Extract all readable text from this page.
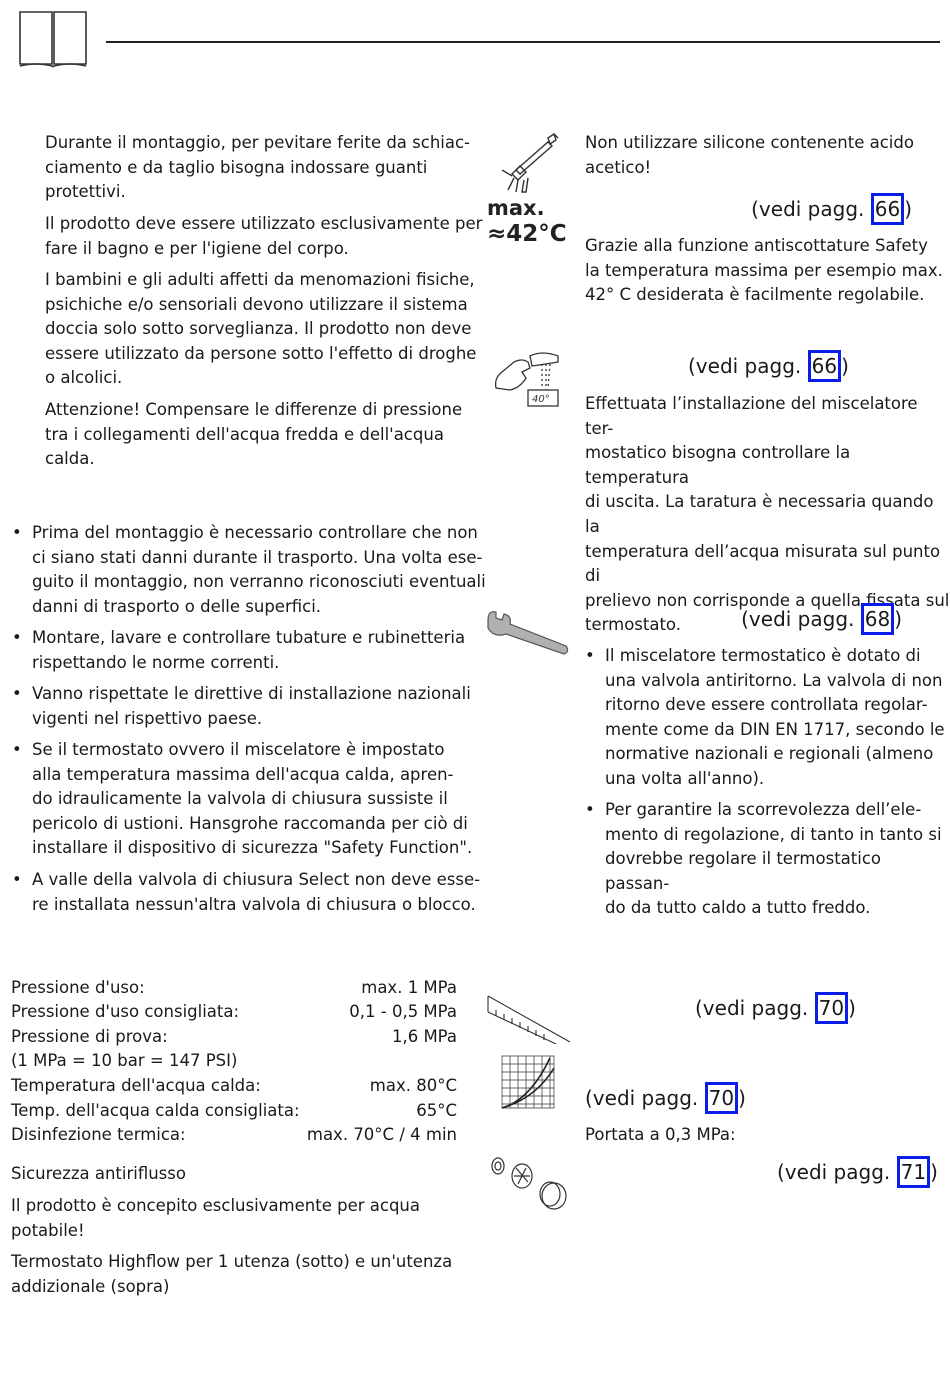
Durante il montaggio, per pevitare ferite da schiac-
ciamento e da taglio bisogna indossare guanti
protettivi.
Il prodotto deve essere utilizzato esclusivamente per
fare il bagno e per l'igiene del corpo.
I bambini e gli adulti affetti da menomazioni fisiche,
psichiche e/o sensoriali devono utilizzare il sistema
doccia solo sotto sorveglianza. Il prodotto non deve
essere utilizzato da persone sotto l'effetto di droghe
o alcolici.
Attenzione! Compensare le differenze di pressione
tra i collegamenti dell'acqua fredda e dell'acqua
calda.
• Prima del montaggio è necessario controllare che non
ci siano stati danni durante il trasporto. Una volta ese-
guito il montaggio, non verranno riconosciuti eventuali
danni di trasporto o delle superfici.
• Montare, lavare e controllare tubature e rubinetteria
rispettando le norme correnti.
• Vanno rispettate le direttive di installazione nazionali
vigenti nel rispettivo paese.
• Se il termostato ovvero il miscelatore è impostato
alla temperatura massima dell'acqua calda, apren-
do idraulicamente la valvola di chiusura sussiste il
pericolo di ustioni. Hansgrohe raccomanda per ciò di
installare il dispositivo di sicurezza "Safety Function".
• A valle della valvola di chiusura Select non deve esse-
re installata nessun'altra valvola di chiusura o blocco.
Pressione d'uso:	max. 1 MPa
Pressione d'uso consigliata:	0,1 - 0,5 MPa
Pressione di prova:	1,6 MPa
(1 MPa = 10 bar = 147 PSI)
Temperatura dell'acqua calda:	max. 80°C
Temp. dell'acqua calda consigliata:	65°C
Disinfezione termica:	max. 70°C / 4 min
Sicurezza antiriflusso
Il prodotto è concepito esclusivamente per acqua
potabile!
Termostato Highflow per 1 utenza (sotto) e un'utenza
addizionale (sopra)
max.
≈42°C
Non utilizzare silicone contenente acido
acetico!
(vedi pagg. 66 )
Grazie alla funzione antiscottature Safety
la temperatura massima per esempio max.
42° C desiderata è facilmente regolabile.
40°
(vedi pagg. 66 )
Effettuata l’installazione del miscelatore ter-
mostatico bisogna controllare la temperatura
di uscita. La taratura è necessaria quando la
temperatura dell’acqua misurata sul punto di
prelievo non corrisponde a quella fissata sul
termostato.	(vedi pagg. 68 )
• Il miscelatore termostatico è dotato di
una valvola antiritorno. La valvola di non
ritorno deve essere controllata regolar-
mente come da DIN EN 1717, secondo le
normative nazionali e regionali (almeno
una volta all'anno).
• Per garantire la scorrevolezza dell’ele-
mento di regolazione, di tanto in tanto si
dovrebbe regolare il termostatico passan-
do da tutto caldo a tutto freddo.
(vedi pagg. 70 )
(vedi pagg. 70 )
Portata a 0,3 MPa:
(vedi pagg. 71 )
